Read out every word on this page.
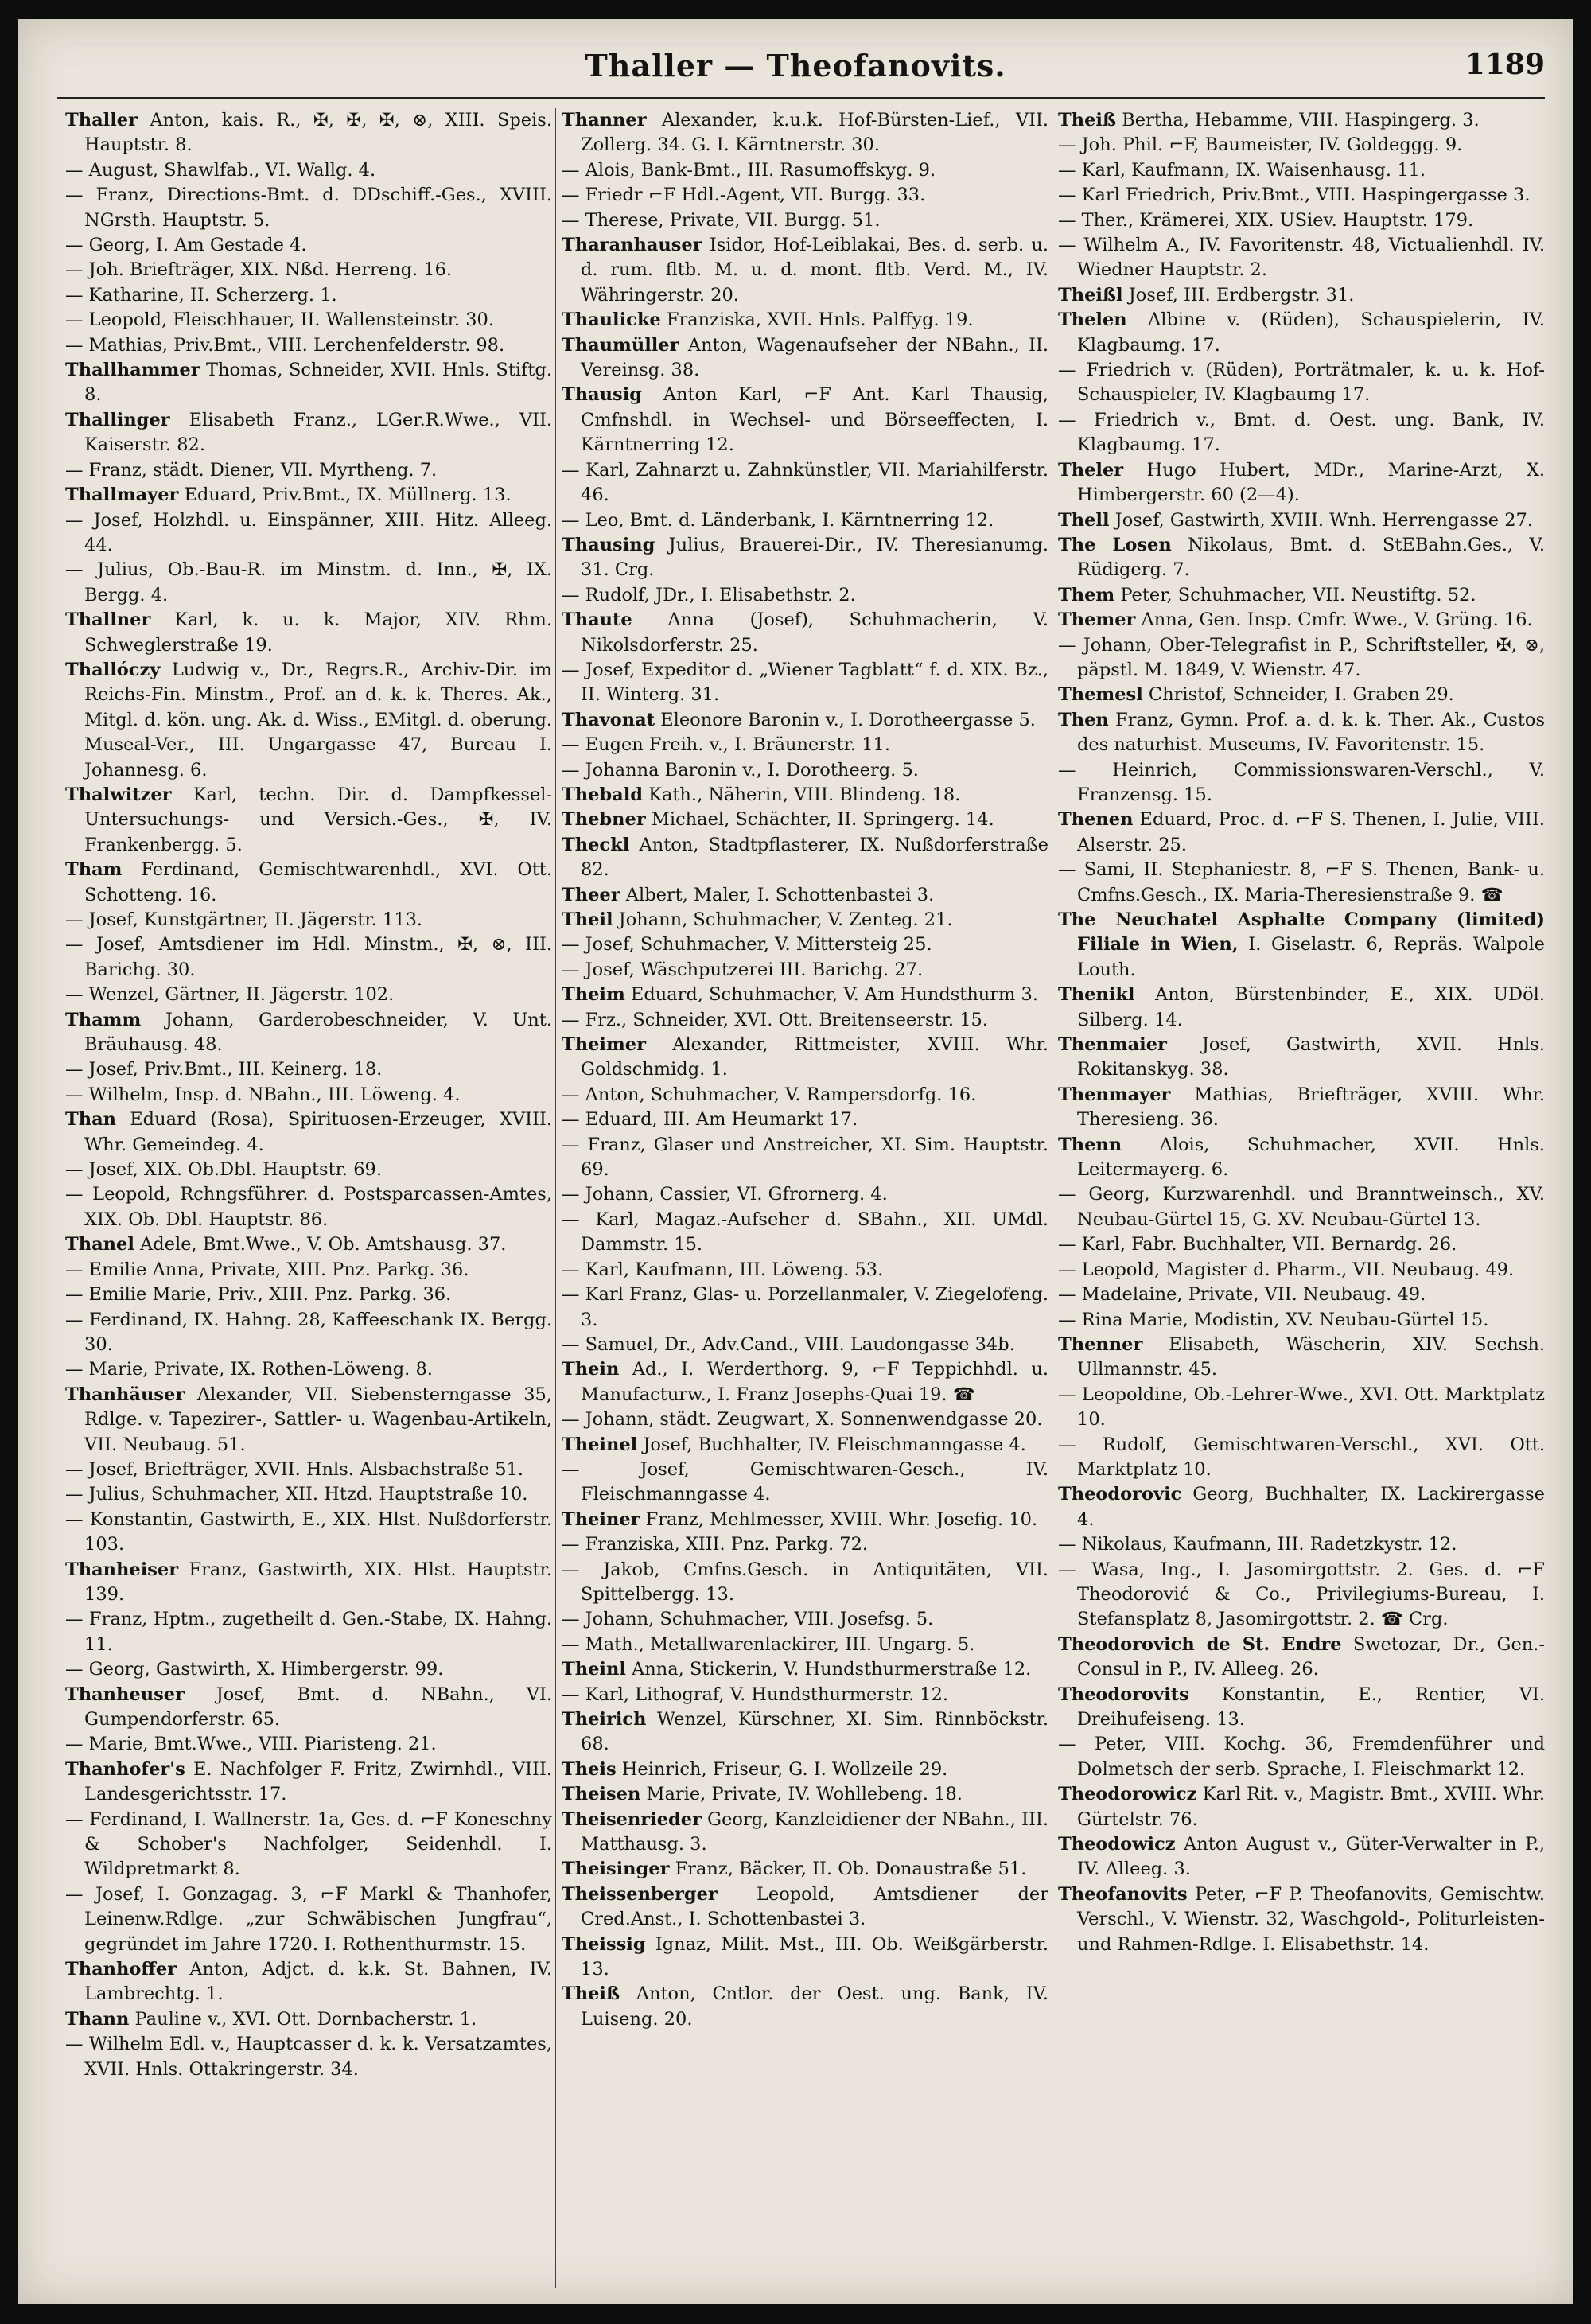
Thaller — Theofanovits.	1189

Thaller Anton, kais. R., ✠, ✠, ✠, ⊗, XIII. Speis. Hauptstr. 8.

— August, Shawlfab., VI. Wallg. 4.

— Franz, Directions-Bmt. d. DDschiff.-Ges., XVIII. NGrsth. Hauptstr. 5.

— Georg, I. Am Gestade 4.

— Joh. Briefträger, XIX. Nßd. Herreng. 16.

— Katharine, II. Scherzerg. 1.

— Leopold, Fleischhauer, II. Wallensteinstr. 30.

— Mathias, Priv.Bmt., VIII. Lerchenfelderstr. 98.

Thallhammer Thomas, Schneider, XVII. Hnls. Stiftg. 8.

Thallinger Elisabeth Franz., LGer.R.Wwe., VII. Kaiserstr. 82.

— Franz, städt. Diener, VII. Myrtheng. 7.

Thallmayer Eduard, Priv.Bmt., IX. Müllnerg. 13.

— Josef, Holzhdl. u. Einspänner, XIII. Hitz. Alleeg. 44.

— Julius, Ob.-Bau-R. im Minstm. d. Inn., ✠, IX. Bergg. 4.

Thallner Karl, k. u. k. Major, XIV. Rhm. Schweglerstraße 19.

Thallóczy Ludwig v., Dr., Regrs.R., Archiv-Dir. im Reichs-Fin. Minstm., Prof. an d. k. k. Theres. Ak., Mitgl. d. kön. ung. Ak. d. Wiss., EMitgl. d. oberung. Museal-Ver., III. Ungargasse 47, Bureau I. Johannesg. 6.

Thalwitzer Karl, techn. Dir. d. Dampfkessel-Untersuchungs- und Versich.-Ges., ✠, IV. Frankenbergg. 5.

Tham Ferdinand, Gemischtwarenhdl., XVI. Ott. Schotteng. 16.

— Josef, Kunstgärtner, II. Jägerstr. 113.

— Josef, Amtsdiener im Hdl. Minstm., ✠, ⊗, III. Barichg. 30.

— Wenzel, Gärtner, II. Jägerstr. 102.

Thamm Johann, Garderobeschneider, V. Unt. Bräuhausg. 48.

— Josef, Priv.Bmt., III. Keinerg. 18.

— Wilhelm, Insp. d. NBahn., III. Löweng. 4.

Than Eduard (Rosa), Spirituosen-Erzeuger, XVIII. Whr. Gemeindeg. 4.

— Josef, XIX. Ob.Dbl. Hauptstr. 69.

— Leopold, Rchngsführer. d. Postsparcassen-Amtes, XIX. Ob. Dbl. Hauptstr. 86.

Thanel Adele, Bmt.Wwe., V. Ob. Amtshausg. 37.

— Emilie Anna, Private, XIII. Pnz. Parkg. 36.

— Emilie Marie, Priv., XIII. Pnz. Parkg. 36.

— Ferdinand, IX. Hahng. 28, Kaffeeschank IX. Bergg. 30.

— Marie, Private, IX. Rothen-Löweng. 8.

Thanhäuser Alexander, VII. Siebensterngasse 35, Rdlge. v. Tapezirer-, Sattler- u. Wagenbau-Artikeln, VII. Neubaug. 51.

— Josef, Briefträger, XVII. Hnls. Alsbachstraße 51.

— Julius, Schuhmacher, XII. Htzd. Hauptstraße 10.

— Konstantin, Gastwirth, E., XIX. Hlst. Nußdorferstr. 103.

Thanheiser Franz, Gastwirth, XIX. Hlst. Hauptstr. 139.

— Franz, Hptm., zugetheilt d. Gen.-Stabe, IX. Hahng. 11.

— Georg, Gastwirth, X. Himbergerstr. 99.

Thanheuser Josef, Bmt. d. NBahn., VI. Gumpendorferstr. 65.

— Marie, Bmt.Wwe., VIII. Piaristeng. 21.

Thanhofer's E. Nachfolger F. Fritz, Zwirnhdl., VIII. Landesgerichtsstr. 17.

— Ferdinand, I. Wallnerstr. 1a, Ges. d. ⌐F Koneschny & Schober's Nachfolger, Seidenhdl. I. Wildpretmarkt 8.

— Josef, I. Gonzagag. 3, ⌐F Markl & Thanhofer, Leinenw.Rdlge. „zur Schwäbischen Jungfrau“, gegründet im Jahre 1720. I. Rothenthurmstr. 15.

Thanhoffer Anton, Adjct. d. k.k. St. Bahnen, IV. Lambrechtg. 1.

Thann Pauline v., XVI. Ott. Dornbacherstr. 1.

— Wilhelm Edl. v., Hauptcasser d. k. k. Versatzamtes, XVII. Hnls. Ottakringerstr. 34.

Thanner Alexander, k.u.k. Hof-Bürsten-Lief., VII. Zollerg. 34. G. I. Kärntnerstr. 30.

— Alois, Bank-Bmt., III. Rasumoffskyg. 9.

— Friedr ⌐F Hdl.-Agent, VII. Burgg. 33.

— Therese, Private, VII. Burgg. 51.

Tharanhauser Isidor, Hof-Leiblakai, Bes. d. serb. u. d. rum. fltb. M. u. d. mont. fltb. Verd. M., IV. Währingerstr. 20.

Thaulicke Franziska, XVII. Hnls. Palffyg. 19.

Thaumüller Anton, Wagenaufseher der NBahn., II. Vereinsg. 38.

Thausig Anton Karl, ⌐F Ant. Karl Thausig, Cmfnshdl. in Wechsel- und Börseeffecten, I. Kärntnerring 12.

— Karl, Zahnarzt u. Zahnkünstler, VII. Mariahilferstr. 46.

— Leo, Bmt. d. Länderbank, I. Kärntnerring 12.

Thausing Julius, Brauerei-Dir., IV. Theresianumg. 31. Crg.

— Rudolf, JDr., I. Elisabethstr. 2.

Thaute Anna (Josef), Schuhmacherin, V. Nikolsdorferstr. 25.

— Josef, Expeditor d. „Wiener Tagblatt“ f. d. XIX. Bz., II. Winterg. 31.

Thavonat Eleonore Baronin v., I. Dorotheergasse 5.

— Eugen Freih. v., I. Bräunerstr. 11.

— Johanna Baronin v., I. Dorotheerg. 5.

Thebald Kath., Näherin, VIII. Blindeng. 18.

Thebner Michael, Schächter, II. Springerg. 14.

Theckl Anton, Stadtpflasterer, IX. Nußdorferstraße 82.

Theer Albert, Maler, I. Schottenbastei 3.

Theil Johann, Schuhmacher, V. Zenteg. 21.

— Josef, Schuhmacher, V. Mittersteig 25.

— Josef, Wäschputzerei III. Barichg. 27.

Theim Eduard, Schuhmacher, V. Am Hundsthurm 3.

— Frz., Schneider, XVI. Ott. Breitenseerstr. 15.

Theimer Alexander, Rittmeister, XVIII. Whr. Goldschmidg. 1.

— Anton, Schuhmacher, V. Rampersdorfg. 16.

— Eduard, III. Am Heumarkt 17.

— Franz, Glaser und Anstreicher, XI. Sim. Hauptstr. 69.

— Johann, Cassier, VI. Gfrornerg. 4.

— Karl, Magaz.-Aufseher d. SBahn., XII. UMdl. Dammstr. 15.

— Karl, Kaufmann, III. Löweng. 53.

— Karl Franz, Glas- u. Porzellanmaler, V. Ziegelofeng. 3.

— Samuel, Dr., Adv.Cand., VIII. Laudongasse 34b.

Thein Ad., I. Werderthorg. 9, ⌐F Teppichhdl. u. Manufacturw., I. Franz Josephs-Quai 19. ☎

— Johann, städt. Zeugwart, X. Sonnenwendgasse 20.

Theinel Josef, Buchhalter, IV. Fleischmanngasse 4.

— Josef, Gemischtwaren-Gesch., IV. Fleischmanngasse 4.

Theiner Franz, Mehlmesser, XVIII. Whr. Josefig. 10.

— Franziska, XIII. Pnz. Parkg. 72.

— Jakob, Cmfns.Gesch. in Antiquitäten, VII. Spittelbergg. 13.

— Johann, Schuhmacher, VIII. Josefsg. 5.

— Math., Metallwarenlackirer, III. Ungarg. 5.

Theinl Anna, Stickerin, V. Hundsthurmerstraße 12.

— Karl, Lithograf, V. Hundsthurmerstr. 12.

Theirich Wenzel, Kürschner, XI. Sim. Rinnböckstr. 68.

Theis Heinrich, Friseur, G. I. Wollzeile 29.

Theisen Marie, Private, IV. Wohllebeng. 18.

Theisenrieder Georg, Kanzleidiener der NBahn., III. Matthausg. 3.

Theisinger Franz, Bäcker, II. Ob. Donaustraße 51.

Theissenberger Leopold, Amtsdiener der Cred.Anst., I. Schottenbastei 3.

Theissig Ignaz, Milit. Mst., III. Ob. Weißgärberstr. 13.

Theiß Anton, Cntlor. der Oest. ung. Bank, IV. Luiseng. 20.

Theiß Bertha, Hebamme, VIII. Haspingerg. 3.

— Joh. Phil. ⌐F, Baumeister, IV. Goldeggg. 9.

— Karl, Kaufmann, IX. Waisenhausg. 11.

— Karl Friedrich, Priv.Bmt., VIII. Haspingergasse 3.

— Ther., Krämerei, XIX. USiev. Hauptstr. 179.

— Wilhelm A., IV. Favoritenstr. 48, Victualienhdl. IV. Wiedner Hauptstr. 2.

Theißl Josef, III. Erdbergstr. 31.

Thelen Albine v. (Rüden), Schauspielerin, IV. Klagbaumg. 17.

— Friedrich v. (Rüden), Porträtmaler, k. u. k. Hof-Schauspieler, IV. Klagbaumg 17.

— Friedrich v., Bmt. d. Oest. ung. Bank, IV. Klagbaumg. 17.

Theler Hugo Hubert, MDr., Marine-Arzt, X. Himbergerstr. 60 (2—4).

Thell Josef, Gastwirth, XVIII. Wnh. Herrengasse 27.

The Losen Nikolaus, Bmt. d. StEBahn.Ges., V. Rüdigerg. 7.

Them Peter, Schuhmacher, VII. Neustiftg. 52.

Themer Anna, Gen. Insp. Cmfr. Wwe., V. Grüng. 16.

— Johann, Ober-Telegrafist in P., Schriftsteller, ✠, ⊗, päpstl. M. 1849, V. Wienstr. 47.

Themesl Christof, Schneider, I. Graben 29.

Then Franz, Gymn. Prof. a. d. k. k. Ther. Ak., Custos des naturhist. Museums, IV. Favoritenstr. 15.

— Heinrich, Commissionswaren-Verschl., V. Franzensg. 15.

Thenen Eduard, Proc. d. ⌐F S. Thenen, I. Julie, VIII. Alserstr. 25.

— Sami, II. Stephaniestr. 8, ⌐F S. Thenen, Bank- u. Cmfns.Gesch., IX. Maria-Theresienstraße 9. ☎

The Neuchatel Asphalte Company (limited) Filiale in Wien, I. Giselastr. 6, Repräs. Walpole Louth.

Thenikl Anton, Bürstenbinder, E., XIX. UDöl. Silberg. 14.

Thenmaier Josef, Gastwirth, XVII. Hnls. Rokitanskyg. 38.

Thenmayer Mathias, Briefträger, XVIII. Whr. Theresieng. 36.

Thenn Alois, Schuhmacher, XVII. Hnls. Leitermayerg. 6.

— Georg, Kurzwarenhdl. und Branntweinsch., XV. Neubau-Gürtel 15, G. XV. Neubau-Gürtel 13.

— Karl, Fabr. Buchhalter, VII. Bernardg. 26.

— Leopold, Magister d. Pharm., VII. Neubaug. 49.

— Madelaine, Private, VII. Neubaug. 49.

— Rina Marie, Modistin, XV. Neubau-Gürtel 15.

Thenner Elisabeth, Wäscherin, XIV. Sechsh. Ullmannstr. 45.

— Leopoldine, Ob.-Lehrer-Wwe., XVI. Ott. Marktplatz 10.

— Rudolf, Gemischtwaren-Verschl., XVI. Ott. Marktplatz 10.

Theodorovic Georg, Buchhalter, IX. Lackirergasse 4.

— Nikolaus, Kaufmann, III. Radetzkystr. 12.

— Wasa, Ing., I. Jasomirgottstr. 2. Ges. d. ⌐F Theodorović & Co., Privilegiums-Bureau, I. Stefansplatz 8, Jasomirgottstr. 2. ☎ Crg.

Theodorovich de St. Endre Swetozar, Dr., Gen.-Consul in P., IV. Alleeg. 26.

Theodorovits Konstantin, E., Rentier, VI. Dreihufeiseng. 13.

— Peter, VIII. Kochg. 36, Fremdenführer und Dolmetsch der serb. Sprache, I. Fleischmarkt 12.

Theodorowicz Karl Rit. v., Magistr. Bmt., XVIII. Whr. Gürtelstr. 76.

Theodowicz Anton August v., Güter-Verwalter in P., IV. Alleeg. 3.

Theofanovits Peter, ⌐F P. Theofanovits, Gemischtw. Verschl., V. Wienstr. 32, Waschgold-, Politurleisten- und Rahmen-Rdlge. I. Elisabethstr. 14.
